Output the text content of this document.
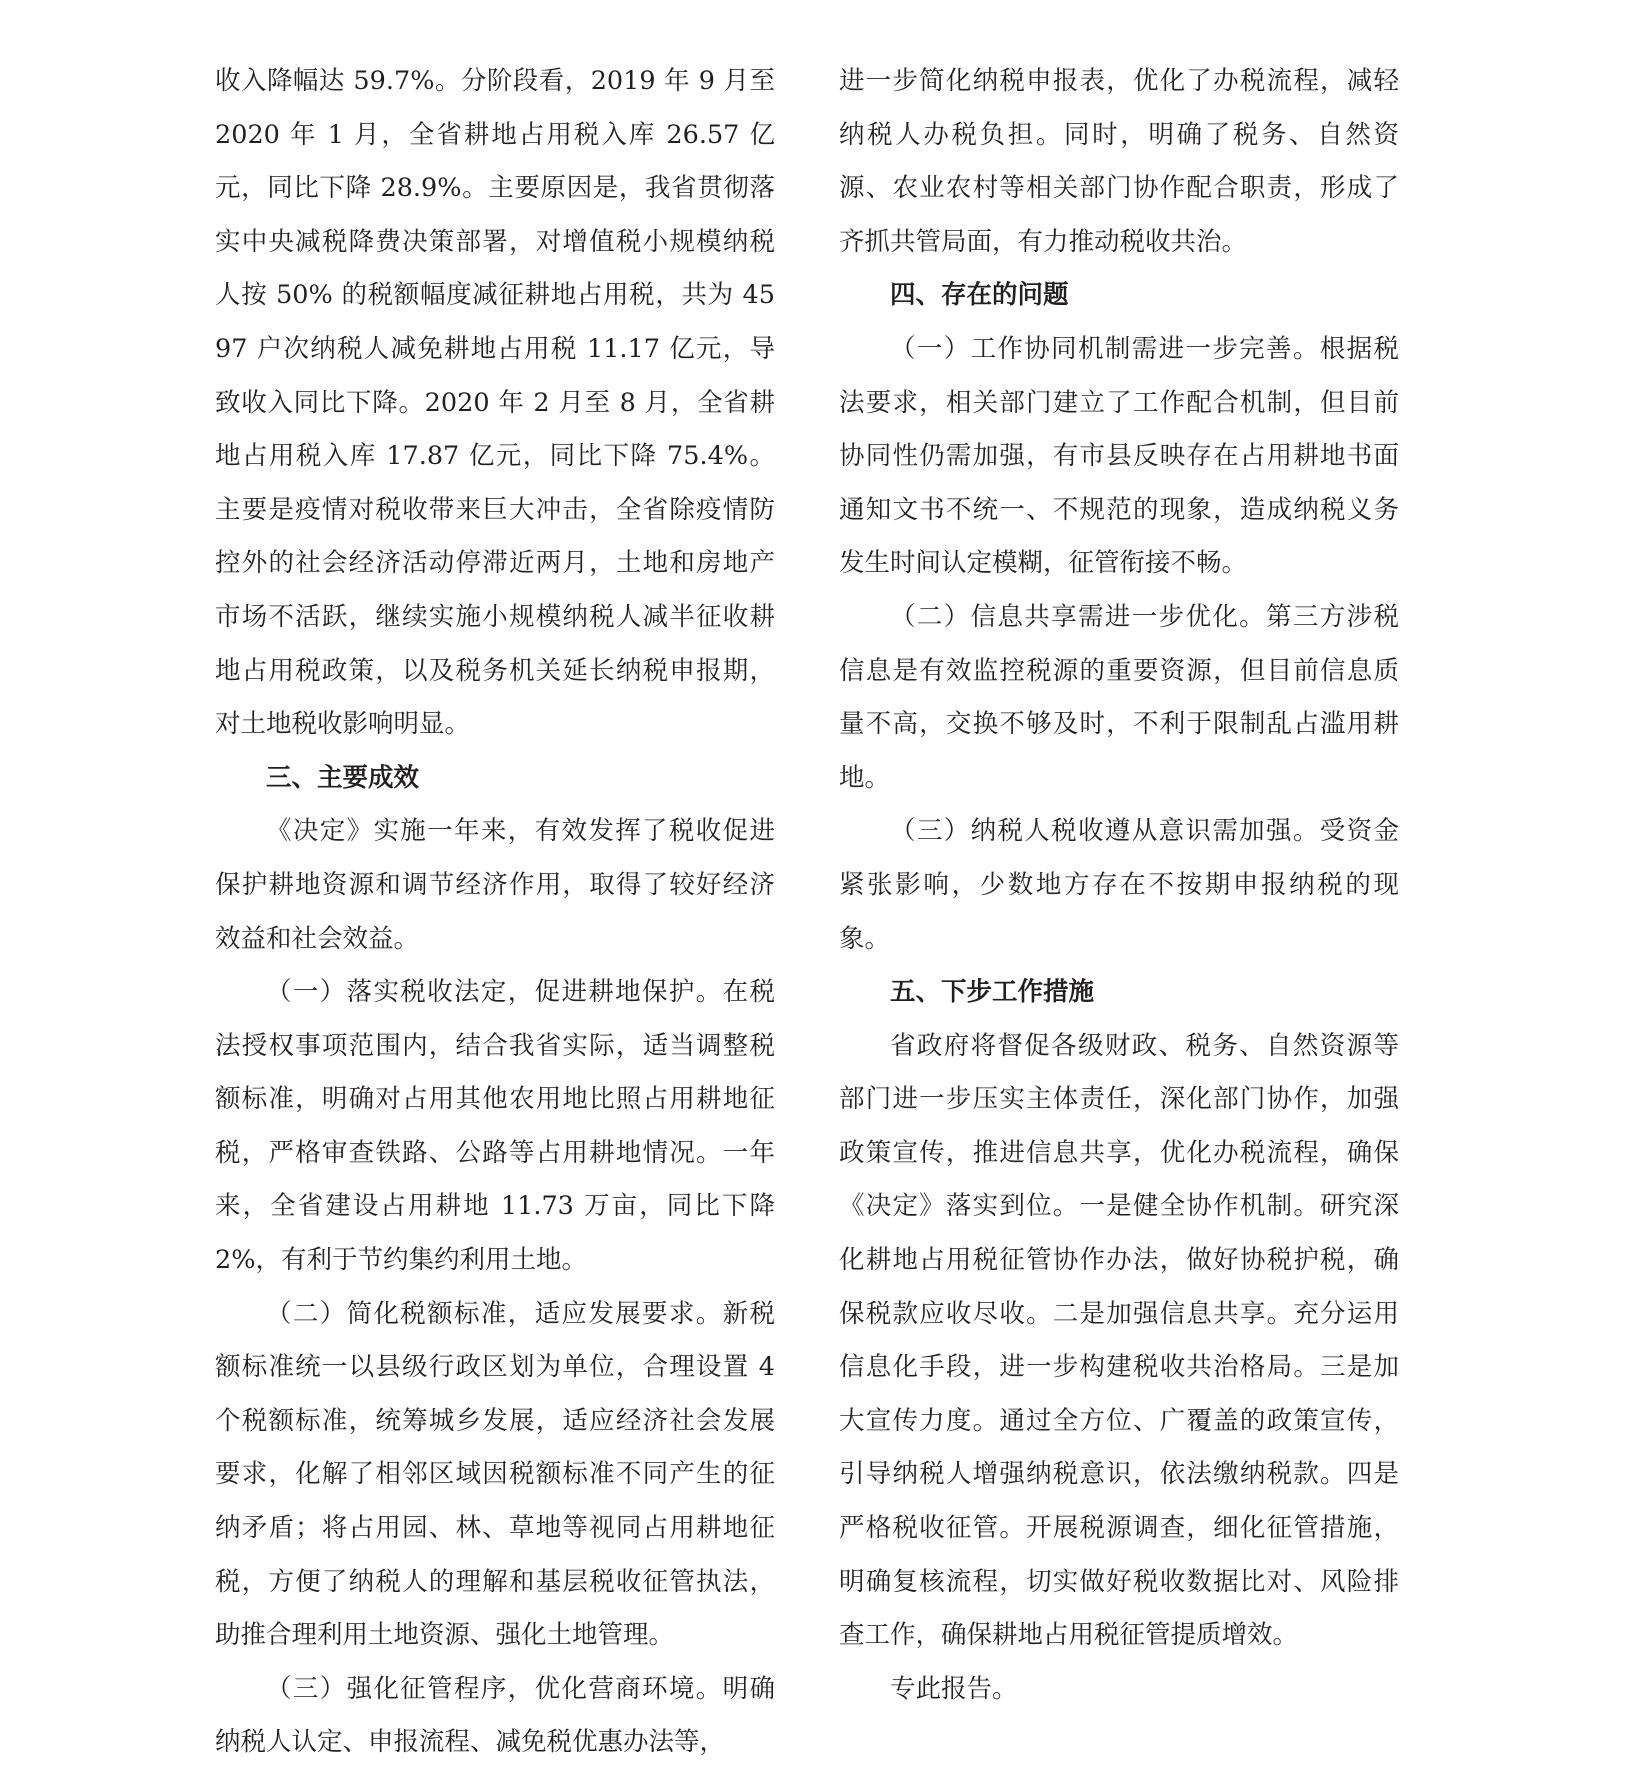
收入降幅达 59.7%。分阶段看，2019 年 9 月至 2020 年 1 月，全省耕地占用税入库 26.57 亿元，同比下降 28.9%。主要原因是，我省贯彻落实中央减税降费决策部署，对增值税小规模纳税人按 50% 的税额幅度减征耕地占用税，共为 4597 户次纳税人减免耕地占用税 11.17 亿元，导致收入同比下降。2020 年 2 月至 8 月，全省耕地占用税入库 17.87 亿元，同比下降 75.4%。主要是疫情对税收带来巨大冲击，全省除疫情防控外的社会经济活动停滞近两月，土地和房地产市场不活跃，继续实施小规模纳税人减半征收耕地占用税政策，以及税务机关延长纳税申报期，对土地税收影响明显。

三、主要成效

《决定》实施一年来，有效发挥了税收促进保护耕地资源和调节经济作用，取得了较好经济效益和社会效益。

（一）落实税收法定，促进耕地保护。在税法授权事项范围内，结合我省实际，适当调整税额标准，明确对占用其他农用地比照占用耕地征税，严格审查铁路、公路等占用耕地情况。一年来，全省建设占用耕地 11.73 万亩，同比下降 2%，有利于节约集约利用土地。

（二）简化税额标准，适应发展要求。新税额标准统一以县级行政区划为单位，合理设置 4 个税额标准，统筹城乡发展，适应经济社会发展要求，化解了相邻区域因税额标准不同产生的征纳矛盾；将占用园、林、草地等视同占用耕地征税，方便了纳税人的理解和基层税收征管执法，助推合理利用土地资源、强化土地管理。

（三）强化征管程序，优化营商环境。明确纳税人认定、申报流程、减免税优惠办法等，

进一步简化纳税申报表，优化了办税流程，减轻纳税人办税负担。同时，明确了税务、自然资源、农业农村等相关部门协作配合职责，形成了齐抓共管局面，有力推动税收共治。

四、存在的问题

（一）工作协同机制需进一步完善。根据税法要求，相关部门建立了工作配合机制，但目前协同性仍需加强，有市县反映存在占用耕地书面通知文书不统一、不规范的现象，造成纳税义务发生时间认定模糊，征管衔接不畅。

（二）信息共享需进一步优化。第三方涉税信息是有效监控税源的重要资源，但目前信息质量不高，交换不够及时，不利于限制乱占滥用耕地。

（三）纳税人税收遵从意识需加强。受资金紧张影响，少数地方存在不按期申报纳税的现象。

五、下步工作措施

省政府将督促各级财政、税务、自然资源等部门进一步压实主体责任，深化部门协作，加强政策宣传，推进信息共享，优化办税流程，确保《决定》落实到位。一是健全协作机制。研究深化耕地占用税征管协作办法，做好协税护税，确保税款应收尽收。二是加强信息共享。充分运用信息化手段，进一步构建税收共治格局。三是加大宣传力度。通过全方位、广覆盖的政策宣传，引导纳税人增强纳税意识，依法缴纳税款。四是严格税收征管。开展税源调查，细化征管措施，明确复核流程，切实做好税收数据比对、风险排查工作，确保耕地占用税征管提质增效。

专此报告。
